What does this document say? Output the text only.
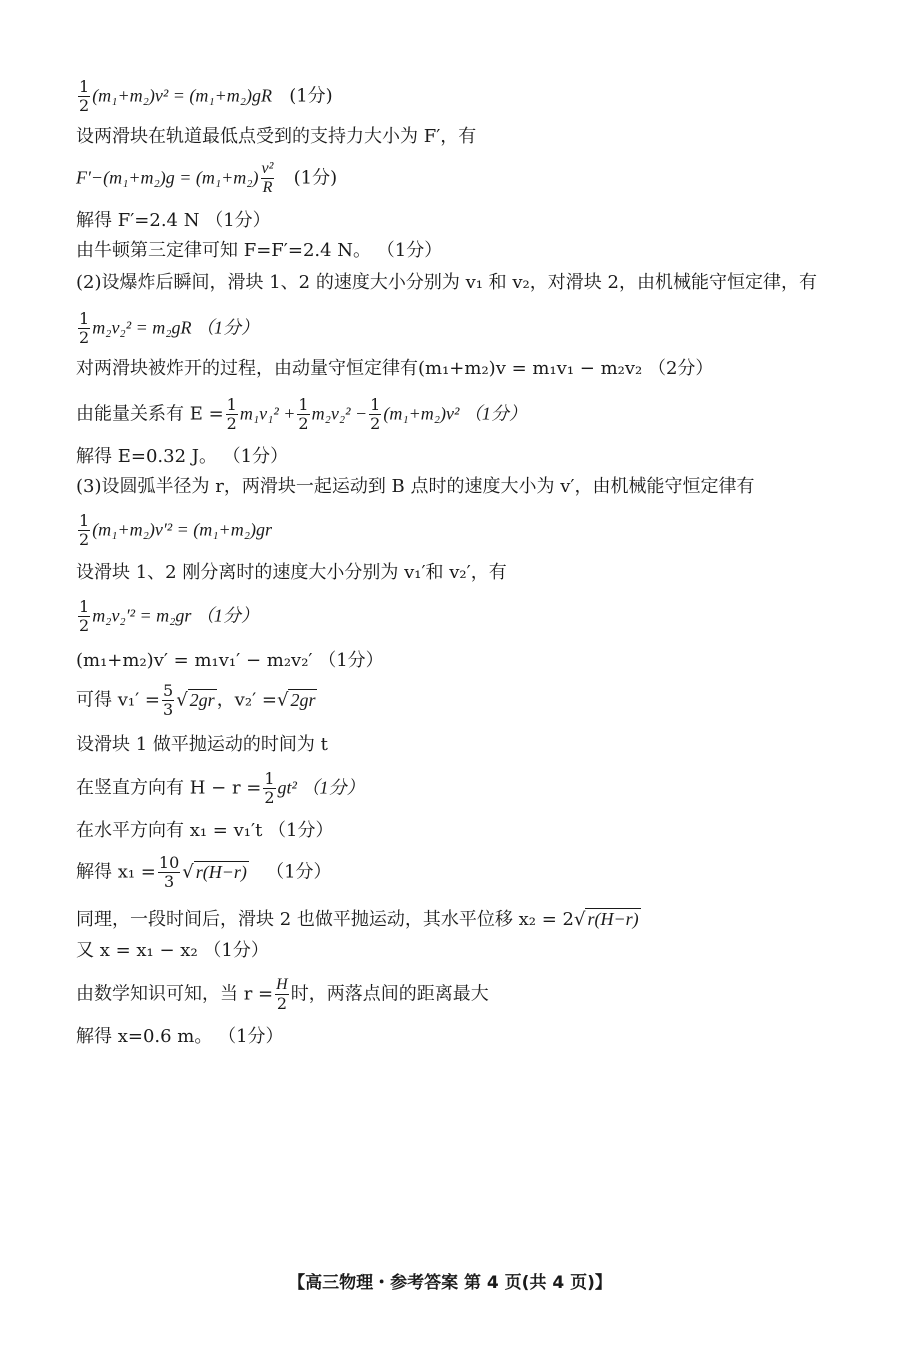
$\frac{1}{2} (m_1+m_2)v^2 = (m_1+m_2)gR$ (1分)
设两滑块在轨道最低点受到的支持力大小为 F′，有
$F'-(m_1+m_2)g = (m_1+m_2) \frac{\text{v²}}{R} (1$分)
解得 F′=2.4 N （1分）
由牛顿第三定律可知 F=F′=2.4 N。 （1分）
(2)设爆炸后瞬间，滑块 1、2 的速度大小分别为 v₁ 和 v₂，对滑块 2，由机械能守恒定律，有
$\frac{1}{2} m_2v_2^2 = m_2gR$ （1分）
对两滑块被炸开的过程，由动量守恒定律有(m₁+m₂)v = m₁v₁ − m₂v₂ （2分）
由能量关系有 $E = \frac{1}{2} m_1v_1^2 + \frac{1}{2} m_2v_2^2 - \frac{1}{2} (m_1+m_2)v^2$ （1分）
解得 E=0.32 J。 （1分）
(3)设圆弧半径为 r，两滑块一起运动到 B 点时的速度大小为 v′，由机械能守恒定律有
$\frac{1}{2} (m_1+m_2)v'^2 = (m_1+m_2)gr$
设滑块 1、2 刚分离时的速度大小分别为 v₁′和 v₂′，有
$\frac{1}{2} m_2v_2'^2 = m_2gr$ （1分）
(m₁+m₂)v′ = m₁v₁′ − m₂v₂′ （1分）
可得 $v_1' = \frac{5}{3}$ √ 2gr ，v₂′ =√ 2gr
设滑块 1 做平抛运动的时间为 t
在竖直方向有 $H - r = \frac{1}{2} gt^2$ （1分）
在水平方向有 x₁ = v₁′t （1分）
解得 $x_1 = \frac{10}{3}$ √ r(H−r) （1分）
同理，一段时间后，滑块 2 也做平抛运动，其水平位移 x₂ = 2√ r(H−r)
又 x = x₁ − x₂ （1分）
由数学知识可知，当 $r = \frac{H}{2}$ 时，两落点间的距离最大
解得 x=0.6 m。 （1分）
【高三物理・参考答案 第 4 页(共 4 页)】
